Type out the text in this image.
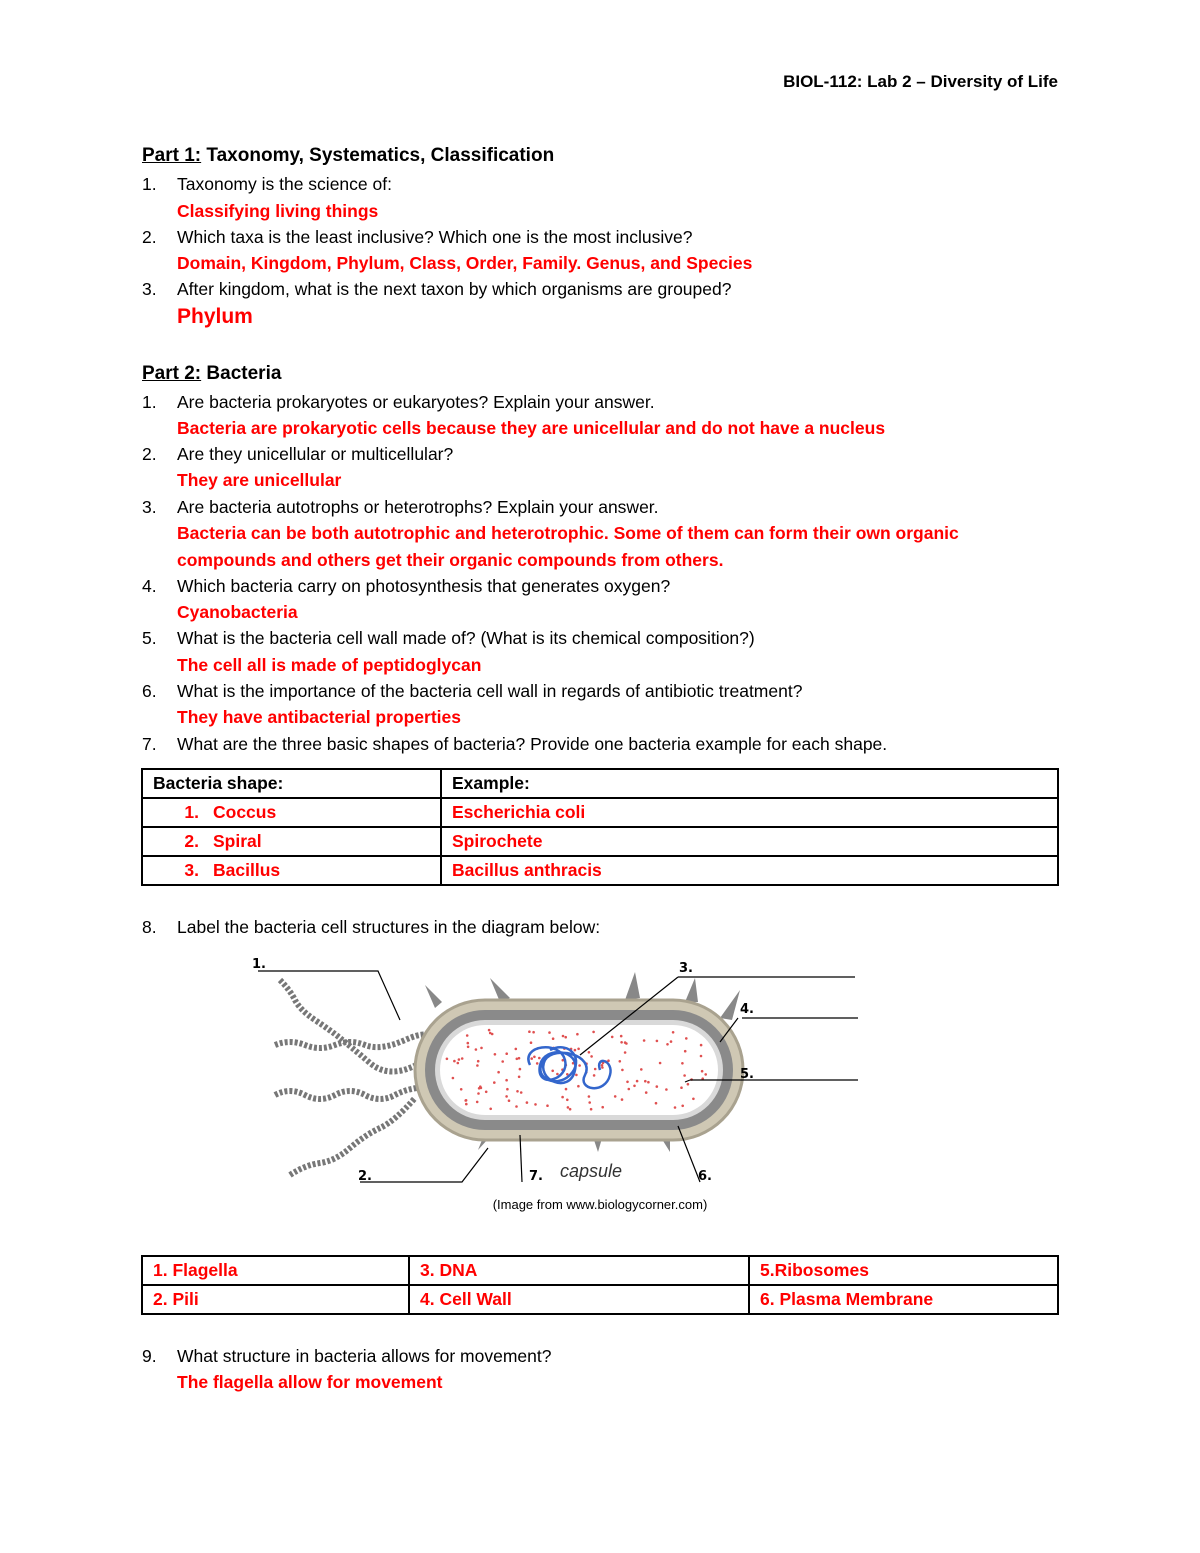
BIOL-112: Lab 2 – Diversity of Life
Part 1: Taxonomy, Systematics, Classification
1. Taxonomy is the science of:
Classifying living things
2. Which taxa is the least inclusive? Which one is the most inclusive?
Domain, Kingdom, Phylum, Class, Order, Family. Genus, and Species
3. After kingdom, what is the next taxon by which organisms are grouped?
Phylum
Part 2: Bacteria
1. Are bacteria prokaryotes or eukaryotes? Explain your answer.
Bacteria are prokaryotic cells because they are unicellular and do not have a nucleus
2. Are they unicellular or multicellular?
They are unicellular
3. Are bacteria autotrophs or heterotrophs? Explain your answer.
Bacteria can be both autotrophic and heterotrophic. Some of them can form their own organic
compounds and others get their organic compounds from others.
4. Which bacteria carry on photosynthesis that generates oxygen?
Cyanobacteria
5. What is the bacteria cell wall made of? (What is its chemical composition?)
The cell all is made of peptidoglycan
6. What is the importance of the bacteria cell wall in regards of antibiotic treatment?
They have antibacterial properties
7. What are the three basic shapes of bacteria? Provide one bacteria example for each shape.
Bacteria shape:	Example:
1. Coccus	Escherichia coli
2. Spiral	Spirochete
3. Bacillus	Bacillus anthracis
8. Label the bacteria cell structures in the diagram below:
1.
2.
3.
4.
5.
6.
7. capsule
(Image from www.biologycorner.com)
1. Flagella	3. DNA	5.Ribosomes
2. Pili	4. Cell Wall	6. Plasma Membrane
9. What structure in bacteria allows for movement?
The flagella allow for movement
